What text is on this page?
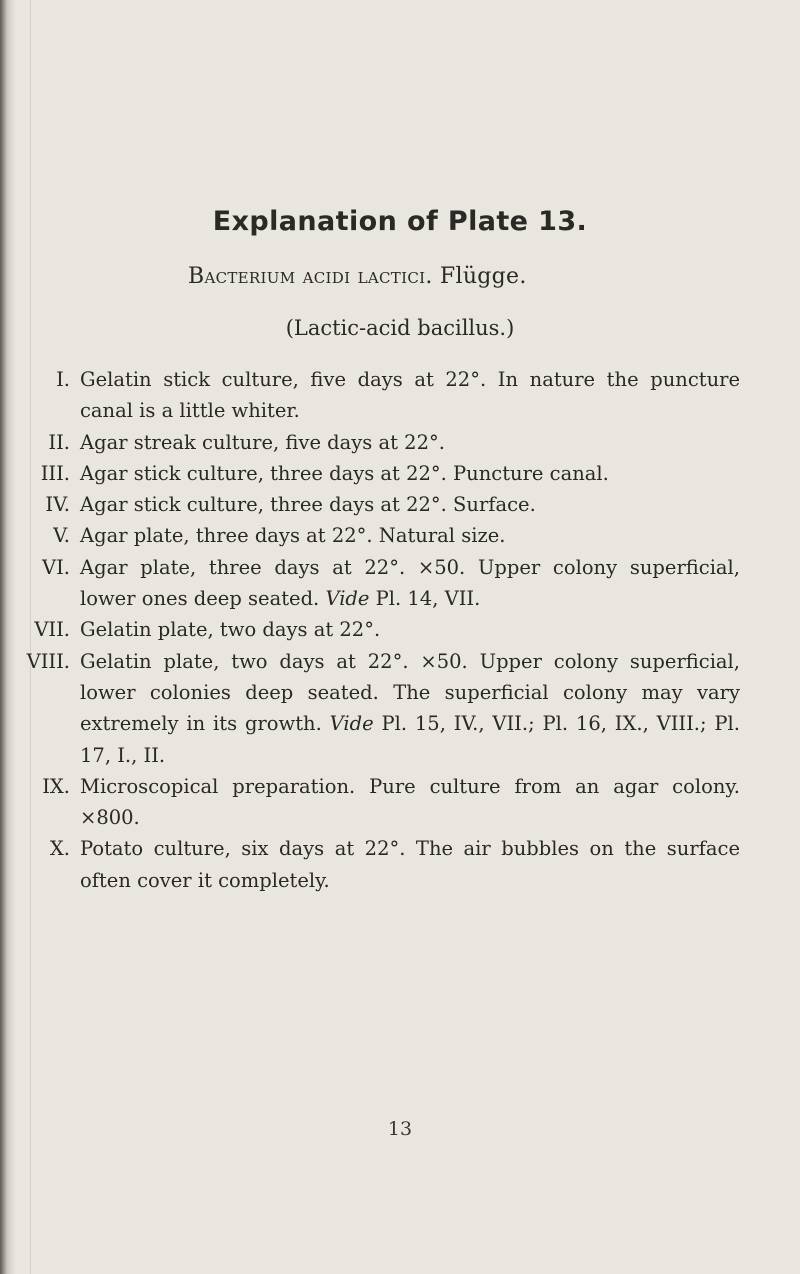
Explanation of Plate 13.
Bacterium acidi lactici. Flügge.
(Lactic-acid bacillus.)
I. Gelatin stick culture, five days at 22°. In nature the puncture canal is a little whiter.
II. Agar streak culture, five days at 22°.
III. Agar stick culture, three days at 22°. Puncture canal.
IV. Agar stick culture, three days at 22°. Surface.
V. Agar plate, three days at 22°. Natural size.
VI. Agar plate, three days at 22°. ×50. Upper colony superficial, lower ones deep seated. Vide Pl. 14, VII.
VII. Gelatin plate, two days at 22°.
VIII. Gelatin plate, two days at 22°. ×50. Upper colony superficial, lower colonies deep seated. The superficial colony may vary extremely in its growth. Vide Pl. 15, IV., VII.; Pl. 16, IX., VIII.; Pl. 17, I., II.
IX. Microscopical preparation. Pure culture from an agar colony. ×800.
X. Potato culture, six days at 22°. The air bubbles on the surface often cover it completely.
13
